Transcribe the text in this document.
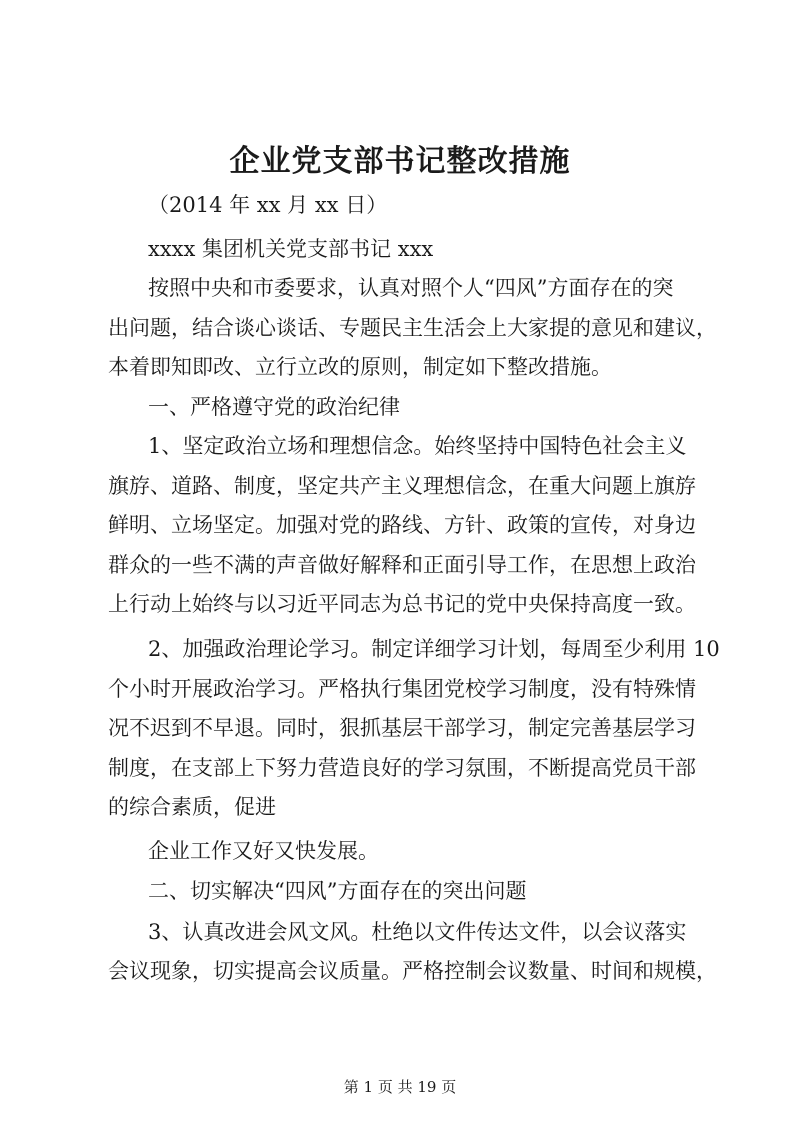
企业党支部书记整改措施
（2014 年 xx 月 xx 日）
xxxx 集团机关党支部书记 xxx
按照中央和市委要求，认真对照个人“四风”方面存在的突
出问题，结合谈心谈话、专题民主生活会上大家提的意见和建议，
本着即知即改、立行立改的原则，制定如下整改措施。
一、严格遵守党的政治纪律
1、坚定政治立场和理想信念。始终坚持中国特色社会主义
旗斿、道路、制度，坚定共产主义理想信念，在重大问题上旗斿
鲜明、立场坚定。加强对党的路线、方针、政策的宣传，对身边
群众的一些不满的声音做好解释和正面引导工作，在思想上政治
上行动上始终与以习近平同志为总书记的党中央保持高度一致。
2、加强政治理论学习。制定详细学习计划，每周至少利用 10
个小时开展政治学习。严格执行集团党校学习制度，没有特殊情
况不迟到不早退。同时，狠抓基层干部学习，制定完善基层学习
制度，在支部上下努力营造良好的学习氛围，不断提高党员干部
的综合素质，促进
企业工作又好又快发展。
二、切实解决“四风”方面存在的突出问题
3、认真改进会风文风。杜绝以文件传达文件，以会议落实
会议现象，切实提高会议质量。严格控制会议数量、时间和规模，
第 1 页 共 19 页
